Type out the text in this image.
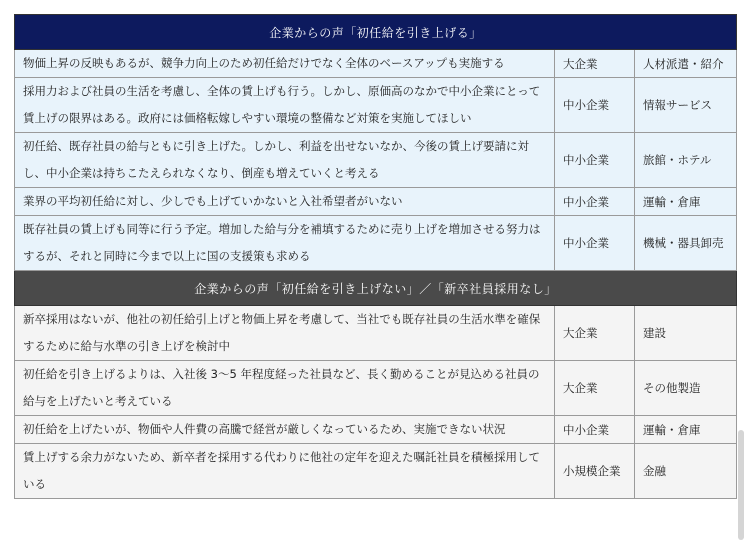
企業からの声「初任給を引き上げる」		
物価上昇の反映もあるが、競争力向上のため初任給だけでなく全体のベースアップも実施する	大企業	人材派遣・紹介
採用力および社員の生活を考慮し、全体の賃上げも行う。しかし、原価高のなかで中小企業にとって賃上げの限界はある。政府には価格転嫁しやすい環境の整備など対策を実施してほしい	中小企業	情報サービス
初任給、既存社員の給与ともに引き上げた。しかし、利益を出せないなか、今後の賃上げ要請に対し、中小企業は持ちこたえられなくなり、倒産も増えていくと考える	中小企業	旅館・ホテル
業界の平均初任給に対し、少しでも上げていかないと入社希望者がいない	中小企業	運輸・倉庫
既存社員の賃上げも同等に行う予定。増加した給与分を補填するために売り上げを増加させる努力はするが、それと同時に今まで以上に国の支援策も求める	中小企業	機械・器具卸売
企業からの声「初任給を引き上げない」／「新卒社員採用なし」		
新卒採用はないが、他社の初任給引上げと物価上昇を考慮して、当社でも既存社員の生活水準を確保するために給与水準の引き上げを検討中	大企業	建設
初任給を引き上げるよりは、入社後 3～5 年程度経った社員など、長く勤めることが見込める社員の給与を上げたいと考えている	大企業	その他製造
初任給を上げたいが、物価や人件費の高騰で経営が厳しくなっているため、実施できない状況	中小企業	運輸・倉庫
賃上げする余力がないため、新卒者を採用する代わりに他社の定年を迎えた嘱託社員を積極採用している	小規模企業	金融
